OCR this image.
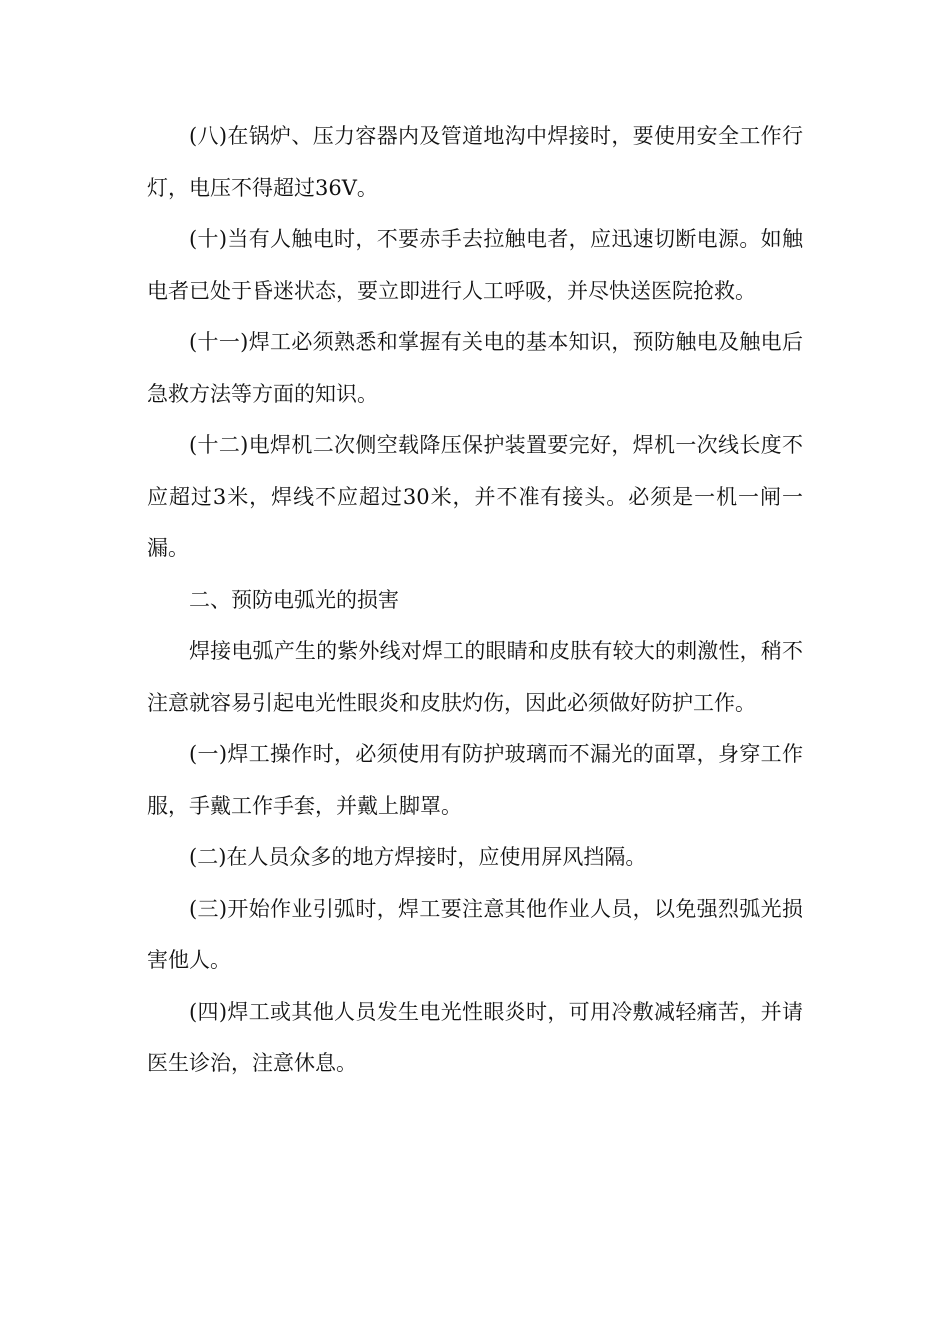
(八)在锅炉、压力容器内及管道地沟中焊接时，要使用安全工作行灯，电压不得超过36V。

(十)当有人触电时，不要赤手去拉触电者，应迅速切断电源。如触电者已处于昏迷状态，要立即进行人工呼吸，并尽快送医院抢救。

(十一)焊工必须熟悉和掌握有关电的基本知识，预防触电及触电后急救方法等方面的知识。

(十二)电焊机二次侧空载降压保护装置要完好，焊机一次线长度不应超过3米，焊线不应超过30米，并不准有接头。必须是一机一闸一漏。

二、预防电弧光的损害

焊接电弧产生的紫外线对焊工的眼睛和皮肤有较大的刺激性，稍不注意就容易引起电光性眼炎和皮肤灼伤，因此必须做好防护工作。

(一)焊工操作时，必须使用有防护玻璃而不漏光的面罩，身穿工作服，手戴工作手套，并戴上脚罩。

(二)在人员众多的地方焊接时，应使用屏风挡隔。

(三)开始作业引弧时，焊工要注意其他作业人员，以免强烈弧光损害他人。

(四)焊工或其他人员发生电光性眼炎时，可用冷敷减轻痛苦，并请医生诊治，注意休息。
